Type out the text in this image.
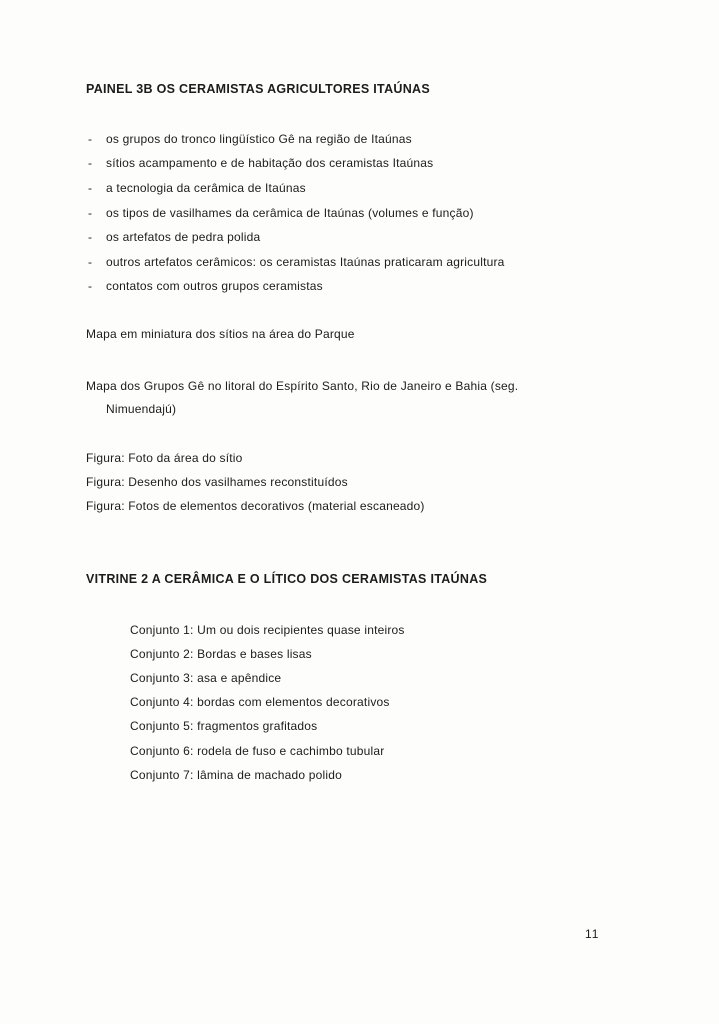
PAINEL 3B OS CERAMISTAS AGRICULTORES ITAÚNAS
- os grupos do tronco lingüístico Gê na região de Itaúnas
- sítios acampamento e de habitação dos ceramistas Itaúnas
- a tecnologia da cerâmica de Itaúnas
- os tipos de vasilhames da cerâmica de Itaúnas (volumes e função)
- os artefatos de pedra polida
- outros artefatos cerâmicos: os ceramistas Itaúnas praticaram agricultura
- contatos com outros grupos ceramistas
Mapa em miniatura dos sítios na área do Parque
Mapa dos Grupos Gê no litoral do Espírito Santo, Rio de Janeiro e Bahia (seg.
Nimuendajú)
Figura: Foto da área do sítio
Figura: Desenho dos vasilhames reconstituídos
Figura: Fotos de elementos decorativos (material escaneado)
VITRINE 2 A CERÂMICA E O LÍTICO DOS CERAMISTAS ITAÚNAS
Conjunto 1: Um ou dois recipientes quase inteiros
Conjunto 2: Bordas e bases lisas
Conjunto 3: asa e apêndice
Conjunto 4: bordas com elementos decorativos
Conjunto 5: fragmentos grafitados
Conjunto 6: rodela de fuso e cachimbo tubular
Conjunto 7: lâmina de machado polido
11
